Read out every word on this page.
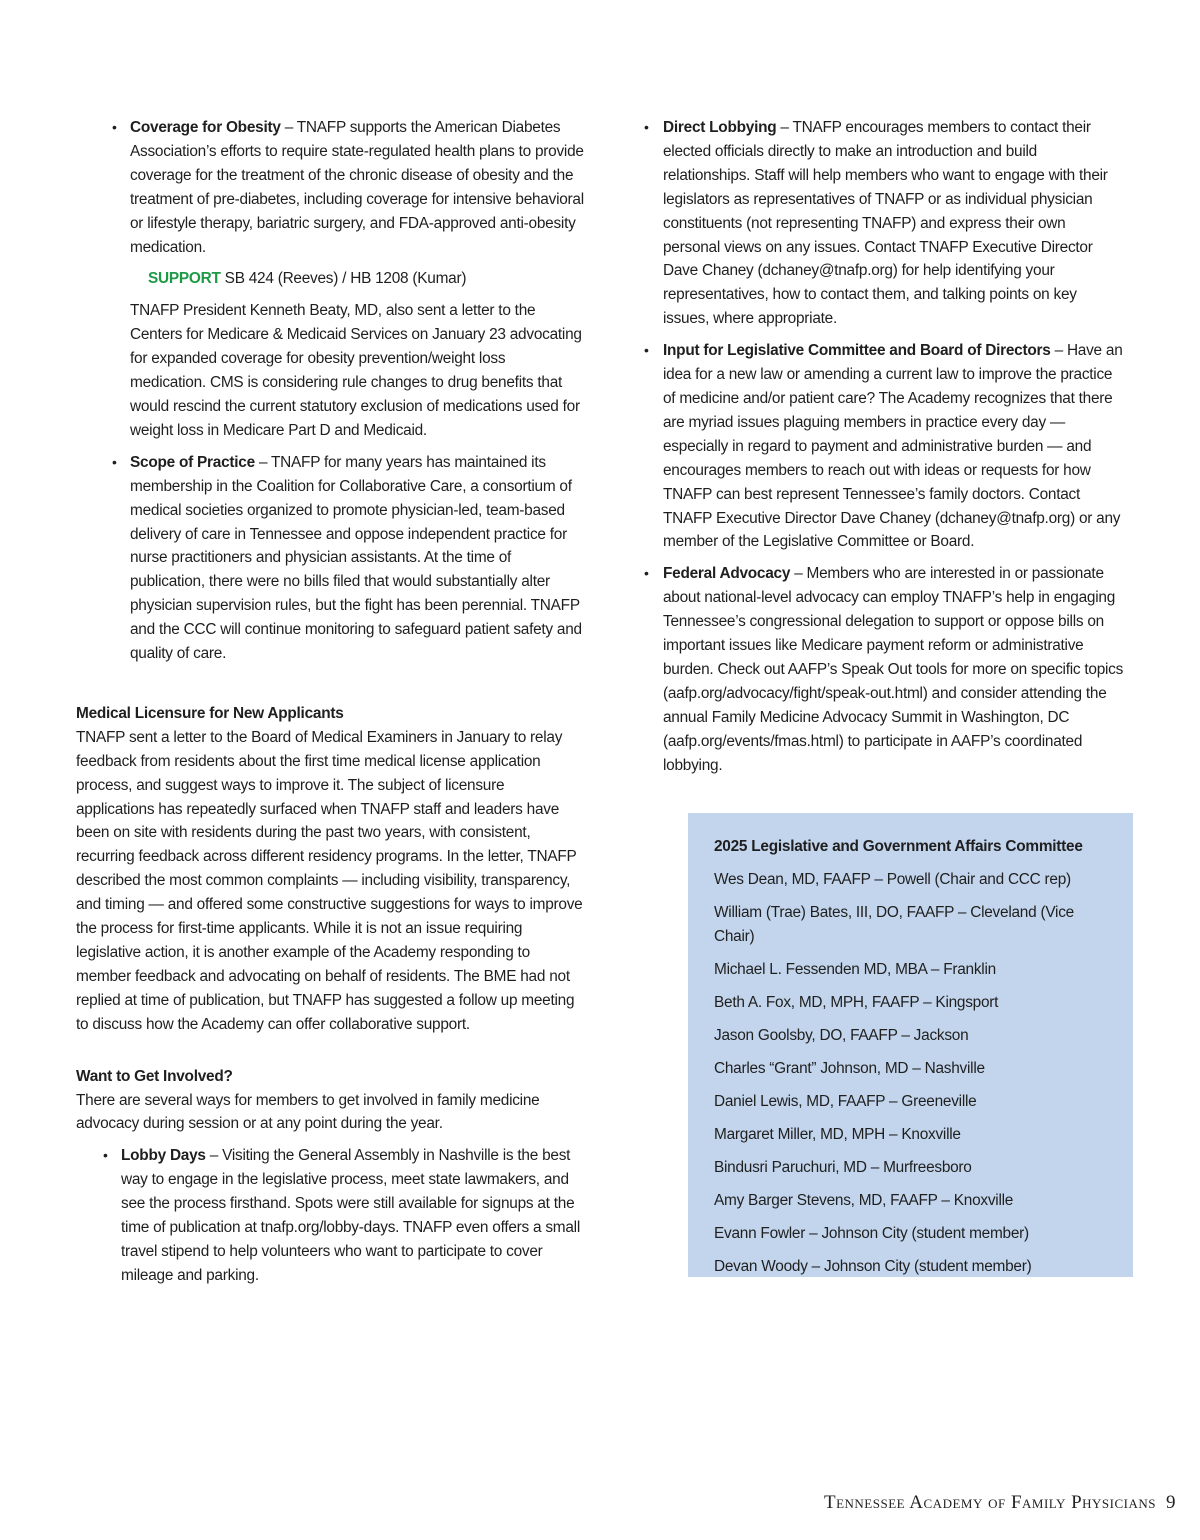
• Coverage for Obesity – TNAFP supports the American Diabetes Association’s efforts to require state-regulated health plans to provide coverage for the treatment of the chronic disease of obesity and the treatment of pre-diabetes, including coverage for intensive behavioral or lifestyle therapy, bariatric surgery, and FDA-approved anti-obesity medication.

SUPPORT SB 424 (Reeves) / HB 1208 (Kumar)

TNAFP President Kenneth Beaty, MD, also sent a letter to the Centers for Medicare & Medicaid Services on January 23 advocating for expanded coverage for obesity prevention/weight loss medication. CMS is considering rule changes to drug benefits that would rescind the current statutory exclusion of medications used for weight loss in Medicare Part D and Medicaid.

• Scope of Practice – TNAFP for many years has maintained its membership in the Coalition for Collaborative Care, a consortium of medical societies organized to promote physician-led, team-based delivery of care in Tennessee and oppose independent practice for nurse practitioners and physician assistants. At the time of publication, there were no bills filed that would substantially alter physician supervision rules, but the fight has been perennial. TNAFP and the CCC will continue monitoring to safeguard patient safety and quality of care.

Medical Licensure for New Applicants

TNAFP sent a letter to the Board of Medical Examiners in January to relay feedback from residents about the first time medical license application process, and suggest ways to improve it. The subject of licensure applications has repeatedly surfaced when TNAFP staff and leaders have been on site with residents during the past two years, with consistent, recurring feedback across different residency programs. In the letter, TNAFP described the most common complaints — including visibility, transparency, and timing — and offered some constructive suggestions for ways to improve the process for first-time applicants. While it is not an issue requiring legislative action, it is another example of the Academy responding to member feedback and advocating on behalf of residents. The BME had not replied at time of publication, but TNAFP has suggested a follow up meeting to discuss how the Academy can offer collaborative support.

Want to Get Involved?

There are several ways for members to get involved in family medicine advocacy during session or at any point during the year.

• Lobby Days – Visiting the General Assembly in Nashville is the best way to engage in the legislative process, meet state lawmakers, and see the process firsthand. Spots were still available for signups at the time of publication at tnafp.org/lobby-days. TNAFP even offers a small travel stipend to help volunteers who want to participate to cover mileage and parking.

• Direct Lobbying – TNAFP encourages members to contact their elected officials directly to make an introduction and build relationships. Staff will help members who want to engage with their legislators as representatives of TNAFP or as individual physician constituents (not representing TNAFP) and express their own personal views on any issues. Contact TNAFP Executive Director Dave Chaney (dchaney@tnafp.org) for help identifying your representatives, how to contact them, and talking points on key issues, where appropriate.

• Input for Legislative Committee and Board of Directors – Have an idea for a new law or amending a current law to improve the practice of medicine and/or patient care? The Academy recognizes that there are myriad issues plaguing members in practice every day — especially in regard to payment and administrative burden — and encourages members to reach out with ideas or requests for how TNAFP can best represent Tennessee’s family doctors. Contact TNAFP Executive Director Dave Chaney (dchaney@tnafp.org) or any member of the Legislative Committee or Board.

• Federal Advocacy – Members who are interested in or passionate about national-level advocacy can employ TNAFP’s help in engaging Tennessee’s congressional delegation to support or oppose bills on important issues like Medicare payment reform or administrative burden. Check out AAFP’s Speak Out tools for more on specific topics (aafp.org/advocacy/fight/speak-out.html) and consider attending the annual Family Medicine Advocacy Summit in Washington, DC (aafp.org/events/fmas.html) to participate in AAFP’s coordinated lobbying.

2025 Legislative and Government Affairs Committee
Wes Dean, MD, FAAFP – Powell (Chair and CCC rep)
William (Trae) Bates, III, DO, FAAFP – Cleveland (Vice Chair)
Michael L. Fessenden MD, MBA – Franklin
Beth A. Fox, MD, MPH, FAAFP – Kingsport
Jason Goolsby, DO, FAAFP – Jackson
Charles “Grant” Johnson, MD – Nashville
Daniel Lewis, MD, FAAFP – Greeneville
Margaret Miller, MD, MPH – Knoxville
Bindusri Paruchuri, MD – Murfreesboro
Amy Barger Stevens, MD, FAAFP – Knoxville
Evann Fowler – Johnson City (student member)
Devan Woody – Johnson City (student member)
Tennessee Academy of Family Physicians 9
